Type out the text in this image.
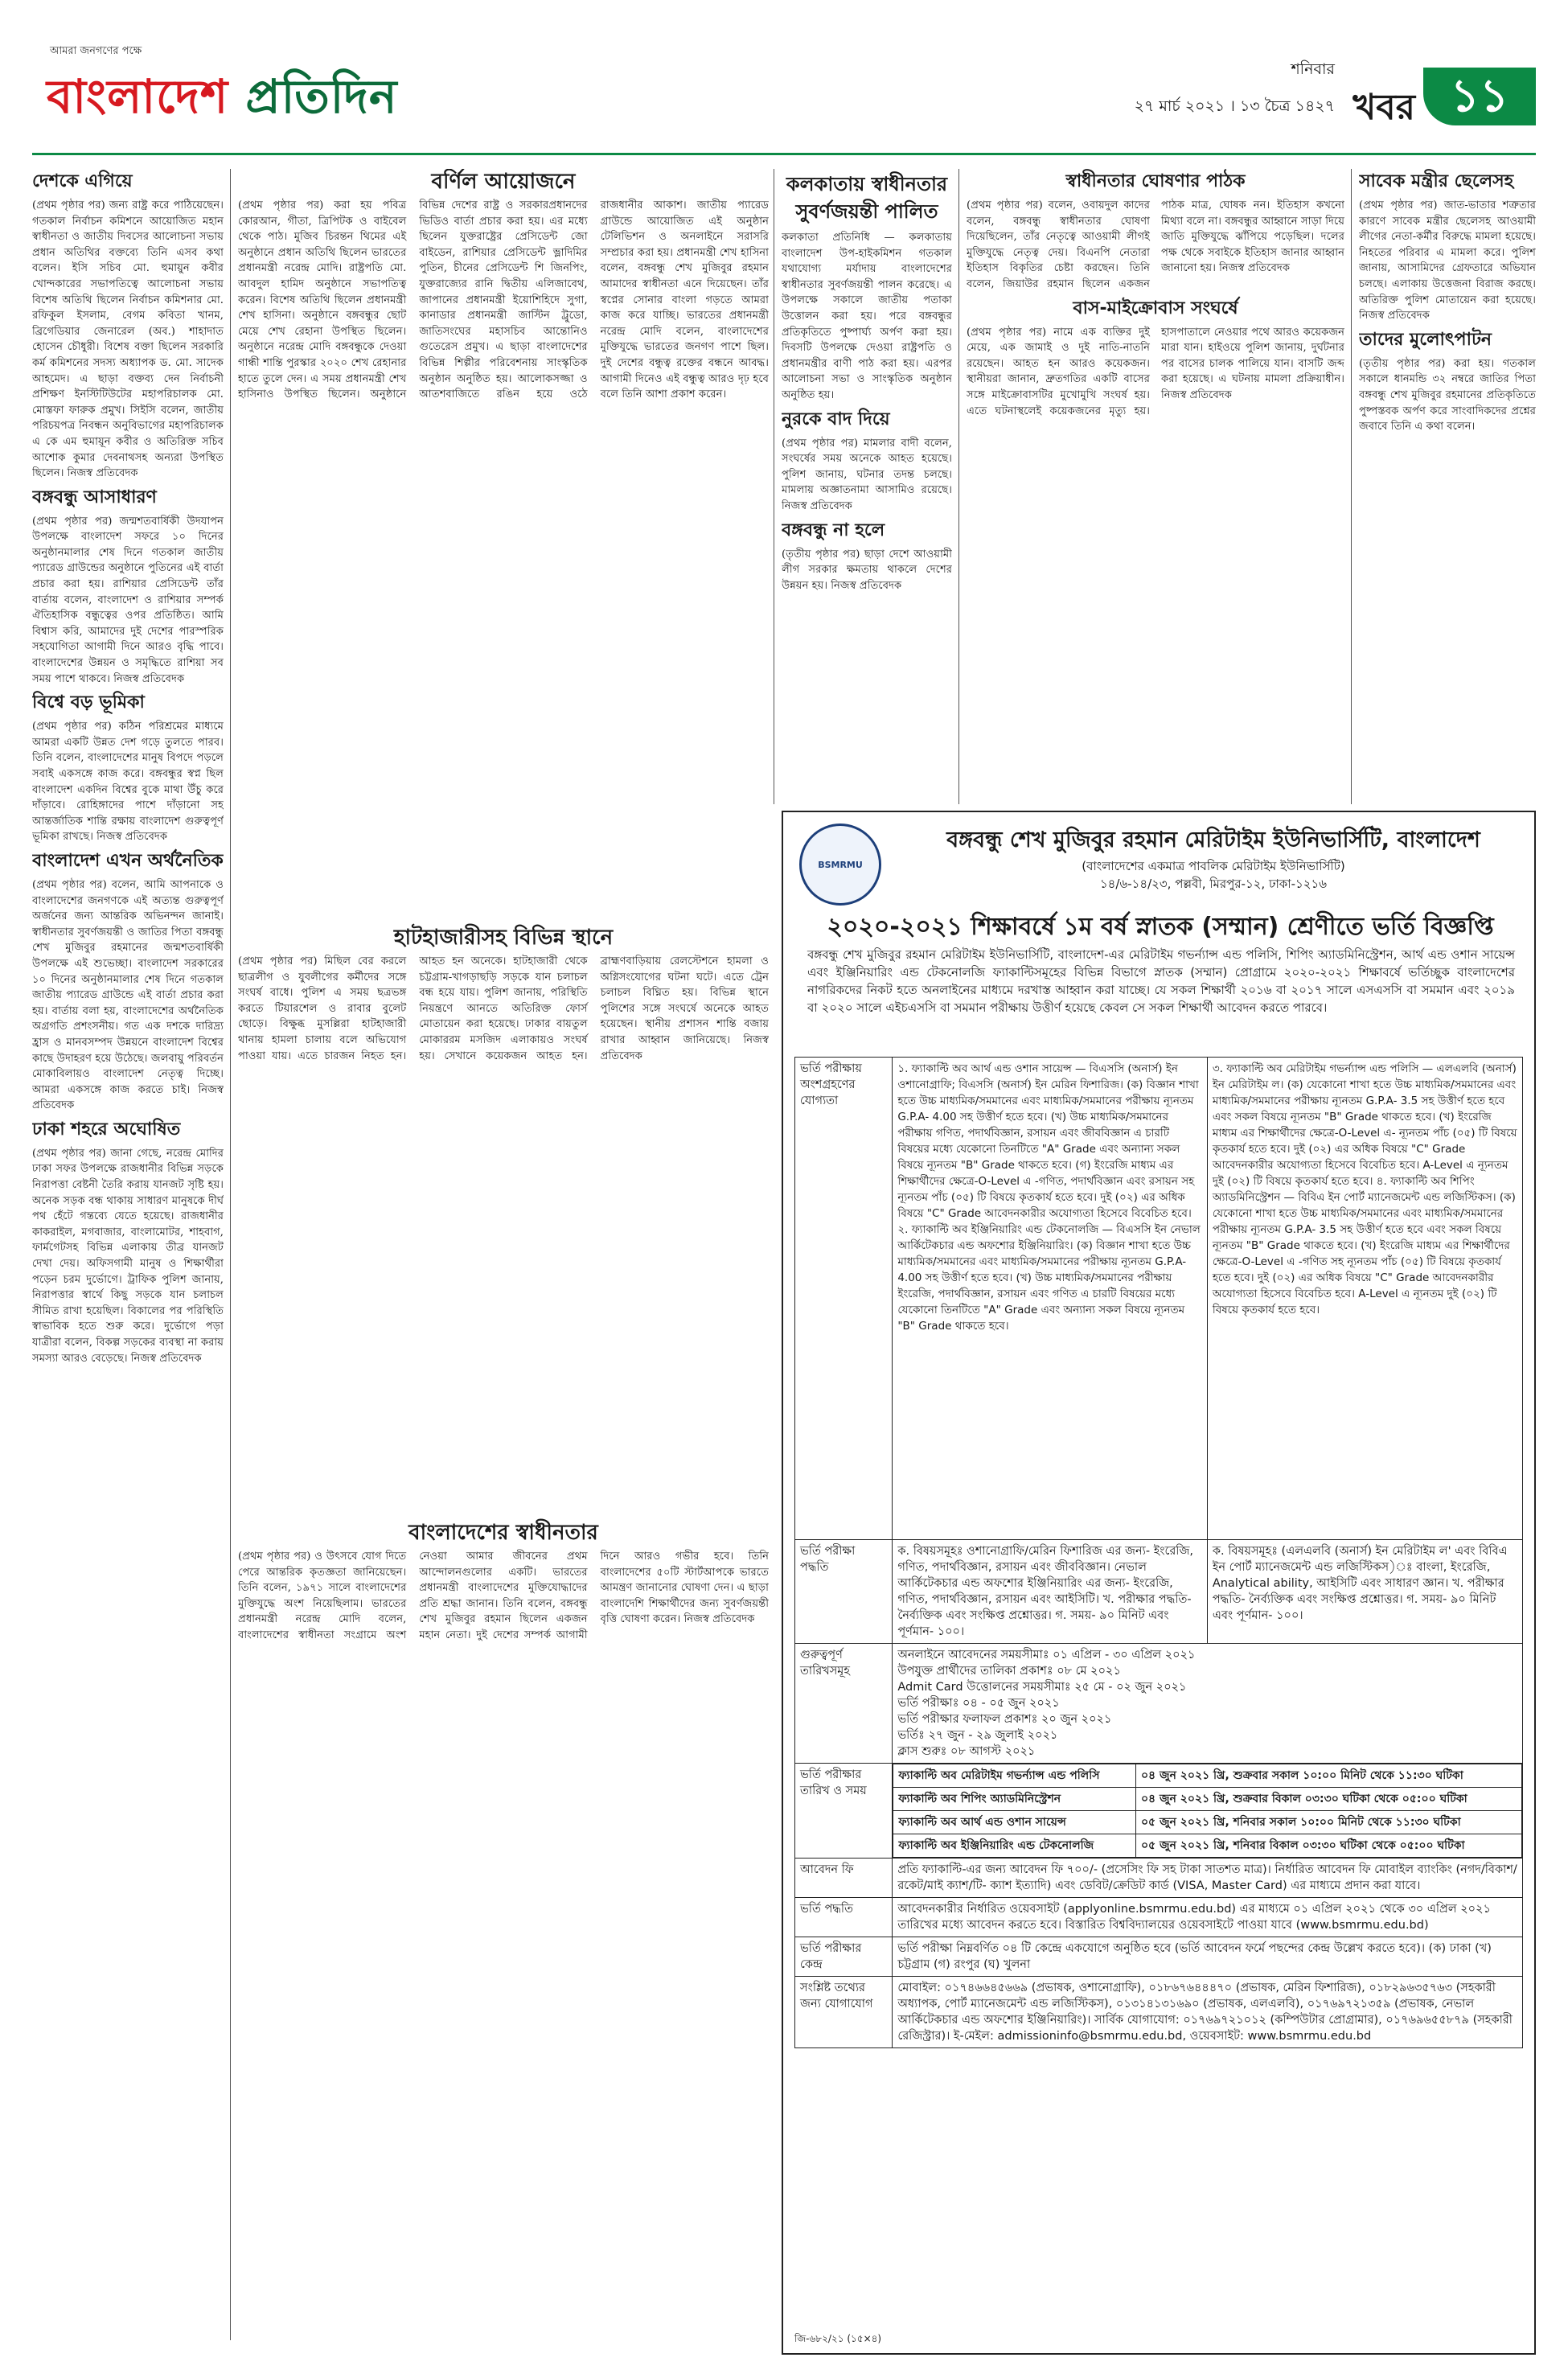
আমরা জনগণের পক্ষে
বাংলাদেশ প্রতিদিন	শনিবার
২৭ মার্চ ২০২১ । ১৩ চৈত্র ১৪২৭ খবর ১১
দেশকে এগিয়ে

(প্রথম পৃষ্ঠার পর) জন্য রাষ্ট্র করে পাঠিয়েছেন। গতকাল নির্বাচন কমিশনে আয়োজিত মহান স্বাধীনতা ও জাতীয় দিবসের আলোচনা সভায় প্রধান অতিথির বক্তব্যে তিনি এসব কথা বলেন। ইসি সচিব মো. হুমায়ুন কবীর খোন্দকারের সভাপতিত্বে আলোচনা সভায় বিশেষ অতিথি ছিলেন নির্বাচন কমিশনার মো. রফিকুল ইসলাম, বেগম কবিতা খানম, ব্রিগেডিয়ার জেনারেল (অব.) শাহাদাত হোসেন চৌধুরী। বিশেষ বক্তা ছিলেন সরকারি কর্ম কমিশনের সদস্য অধ্যাপক ড. মো. সাদেক আহমেদ। এ ছাড়া বক্তব্য দেন নির্বাচনী প্রশিক্ষণ ইনস্টিটিউটের মহাপরিচালক মো. মোস্তফা ফারুক প্রমুখ। সিইসি বলেন, জাতীয় পরিচয়পত্র নিবন্ধন অনুবিভাগের মহাপরিচালক এ কে এম হুমায়ূন কবীর ও অতিরিক্ত সচিব আশোক কুমার দেবনাথসহ অন্যরা উপস্থিত ছিলেন। নিজস্ব প্রতিবেদক

বঙ্গবন্ধু আসাধারণ

(প্রথম পৃষ্ঠার পর) জন্মশতবার্ষিকী উদযাপন উপলক্ষে বাংলাদেশ সফরে ১০ দিনের অনুষ্ঠানমালার শেষ দিনে গতকাল জাতীয় প্যারেড গ্রাউন্ডের অনুষ্ঠানে পুতিনের এই বার্তা প্রচার করা হয়। রাশিয়ার প্রেসিডেন্ট তাঁর বার্তায় বলেন, বাংলাদেশ ও রাশিয়ার সম্পর্ক ঐতিহাসিক বন্ধুত্বের ওপর প্রতিষ্ঠিত। আমি বিশ্বাস করি, আমাদের দুই দেশের পারস্পরিক সহযোগিতা আগামী দিনে আরও বৃদ্ধি পাবে। বাংলাদেশের উন্নয়ন ও সমৃদ্ধিতে রাশিয়া সব সময় পাশে থাকবে। নিজস্ব প্রতিবেদক

বিশ্বে বড় ভূমিকা

(প্রথম পৃষ্ঠার পর) কঠিন পরিশ্রমের মাধ্যমে আমরা একটি উন্নত দেশ গড়ে তুলতে পারব। তিনি বলেন, বাংলাদেশের মানুষ বিপদে পড়লে সবাই একসঙ্গে কাজ করে। বঙ্গবন্ধুর স্বপ্ন ছিল বাংলাদেশ একদিন বিশ্বের বুকে মাথা উঁচু করে দাঁড়াবে। রোহিঙ্গাদের পাশে দাঁড়ানো সহ আন্তর্জাতিক শান্তি রক্ষায় বাংলাদেশ গুরুত্বপূর্ণ ভূমিকা রাখছে। নিজস্ব প্রতিবেদক

বাংলাদেশ এখন অর্থনৈতিক

(প্রথম পৃষ্ঠার পর) বলেন, আমি আপনাকে ও বাংলাদেশের জনগণকে এই অত্যন্ত গুরুত্বপূর্ণ অর্জনের জন্য আন্তরিক অভিনন্দন জানাই। স্বাধীনতার সুবর্ণজয়ন্তী ও জাতির পিতা বঙ্গবন্ধু শেখ মুজিবুর রহমানের জন্মশতবার্ষিকী উপলক্ষে এই শুভেচ্ছা। বাংলাদেশ সরকারের ১০ দিনের অনুষ্ঠানমালার শেষ দিনে গতকাল জাতীয় প্যারেড গ্রাউন্ডে এই বার্তা প্রচার করা হয়। বার্তায় বলা হয়, বাংলাদেশের অর্থনৈতিক অগ্রগতি প্রশংসনীয়। গত এক দশকে দারিদ্র্য হ্রাস ও মানবসম্পদ উন্নয়নে বাংলাদেশ বিশ্বের কাছে উদাহরণ হয়ে উঠেছে। জলবায়ু পরিবর্তন মোকাবিলায়ও বাংলাদেশ নেতৃত্ব দিচ্ছে। আমরা একসঙ্গে কাজ করতে চাই। নিজস্ব প্রতিবেদক

ঢাকা শহরে অঘোষিত

(প্রথম পৃষ্ঠার পর) জানা গেছে, নরেন্দ্র মোদির ঢাকা সফর উপলক্ষে রাজধানীর বিভিন্ন সড়কে নিরাপত্তা বেষ্টনী তৈরি করায় যানজট সৃষ্টি হয়। অনেক সড়ক বন্ধ থাকায় সাধারণ মানুষকে দীর্ঘ পথ হেঁটে গন্তব্যে যেতে হয়েছে। রাজধানীর কাকরাইল, মগবাজার, বাংলামোটর, শাহবাগ, ফার্মগেটসহ বিভিন্ন এলাকায় তীব্র যানজট দেখা দেয়। অফিসগামী মানুষ ও শিক্ষার্থীরা পড়েন চরম দুর্ভোগে। ট্রাফিক পুলিশ জানায়, নিরাপত্তার স্বার্থে কিছু সড়কে যান চলাচল সীমিত রাখা হয়েছিল। বিকালের পর পরিস্থিতি স্বাভাবিক হতে শুরু করে। দুর্ভোগে পড়া যাত্রীরা বলেন, বিকল্প সড়কের ব্যবস্থা না করায় সমস্যা আরও বেড়েছে। নিজস্ব প্রতিবেদক

বর্ণিল আয়োজনে

(প্রথম পৃষ্ঠার পর) করা হয় পবিত্র কোরআন, গীতা, ত্রিপিটক ও বাইবেল থেকে পাঠ। মুজিব চিরন্তন থিমের এই অনুষ্ঠানে প্রধান অতিথি ছিলেন ভারতের প্রধানমন্ত্রী নরেন্দ্র মোদি। রাষ্ট্রপতি মো. আবদুল হামিদ অনুষ্ঠানে সভাপতিত্ব করেন। বিশেষ অতিথি ছিলেন প্রধানমন্ত্রী শেখ হাসিনা। অনুষ্ঠানে বঙ্গবন্ধুর ছোট মেয়ে শেখ রেহানা উপস্থিত ছিলেন। অনুষ্ঠানে নরেন্দ্র মোদি বঙ্গবন্ধুকে দেওয়া গান্ধী শান্তি পুরস্কার ২০২০ শেখ রেহানার হাতে তুলে দেন। এ সময় প্রধানমন্ত্রী শেখ হাসিনাও উপস্থিত ছিলেন। অনুষ্ঠানে বিভিন্ন দেশের রাষ্ট্র ও সরকারপ্রধানদের ভিডিও বার্তা প্রচার করা হয়। এর মধ্যে ছিলেন যুক্তরাষ্ট্রের প্রেসিডেন্ট জো বাইডেন, রাশিয়ার প্রেসিডেন্ট ভ্লাদিমির পুতিন, চীনের প্রেসিডেন্ট শি জিনপিং, যুক্তরাজ্যের রানি দ্বিতীয় এলিজাবেথ, জাপানের প্রধানমন্ত্রী ইয়োশিহিদে সুগা, কানাডার প্রধানমন্ত্রী জাস্টিন ট্রুডো, জাতিসংঘের মহাসচিব আন্তোনিও গুতেরেস প্রমুখ। এ ছাড়া বাংলাদেশের বিভিন্ন শিল্পীর পরিবেশনায় সাংস্কৃতিক অনুষ্ঠান অনুষ্ঠিত হয়। আলোকসজ্জা ও আতশবাজিতে রঙিন হয়ে ওঠে রাজধানীর আকাশ। জাতীয় প্যারেড গ্রাউন্ডে আয়োজিত এই অনুষ্ঠান টেলিভিশন ও অনলাইনে সরাসরি সম্প্রচার করা হয়। প্রধানমন্ত্রী শেখ হাসিনা বলেন, বঙ্গবন্ধু শেখ মুজিবুর রহমান আমাদের স্বাধীনতা এনে দিয়েছেন। তাঁর স্বপ্নের সোনার বাংলা গড়তে আমরা কাজ করে যাচ্ছি। ভারতের প্রধানমন্ত্রী নরেন্দ্র মোদি বলেন, বাংলাদেশের মুক্তিযুদ্ধে ভারতের জনগণ পাশে ছিল। দুই দেশের বন্ধুত্ব রক্তের বন্ধনে আবদ্ধ। আগামী দিনেও এই বন্ধুত্ব আরও দৃঢ় হবে বলে তিনি আশা প্রকাশ করেন।

হাটহাজারীসহ বিভিন্ন স্থানে

(প্রথম পৃষ্ঠার পর) মিছিল বের করলে ছাত্রলীগ ও যুবলীগের কর্মীদের সঙ্গে সংঘর্ষ বাধে। পুলিশ এ সময় ছত্রভঙ্গ করতে টিয়ারশেল ও রাবার বুলেট ছোড়ে। বিক্ষুব্ধ মুসল্লিরা হাটহাজারী থানায় হামলা চালায় বলে অভিযোগ পাওয়া যায়। এতে চারজন নিহত হন। আহত হন অনেকে। হাটহাজারী থেকে চট্টগ্রাম-খাগড়াছড়ি সড়কে যান চলাচল বন্ধ হয়ে যায়। পুলিশ জানায়, পরিস্থিতি নিয়ন্ত্রণে আনতে অতিরিক্ত ফোর্স মোতায়েন করা হয়েছে। ঢাকার বায়তুল মোকাররম মসজিদ এলাকায়ও সংঘর্ষ হয়। সেখানে কয়েকজন আহত হন। ব্রাহ্মণবাড়িয়ায় রেলস্টেশনে হামলা ও অগ্নিসংযোগের ঘটনা ঘটে। এতে ট্রেন চলাচল বিঘ্নিত হয়। বিভিন্ন স্থানে পুলিশের সঙ্গে সংঘর্ষে অনেকে আহত হয়েছেন। স্থানীয় প্রশাসন শান্তি বজায় রাখার আহ্বান জানিয়েছে। নিজস্ব প্রতিবেদক

বাংলাদেশের স্বাধীনতার

(প্রথম পৃষ্ঠার পর) ও উৎসবে যোগ দিতে পেরে আন্তরিক কৃতজ্ঞতা জানিয়েছেন। তিনি বলেন, ১৯৭১ সালে বাংলাদেশের মুক্তিযুদ্ধে অংশ নিয়েছিলাম। ভারতের প্রধানমন্ত্রী নরেন্দ্র মোদি বলেন, বাংলাদেশের স্বাধীনতা সংগ্রামে অংশ নেওয়া আমার জীবনের প্রথম আন্দোলনগুলোর একটি। ভারতের প্রধানমন্ত্রী বাংলাদেশের মুক্তিযোদ্ধাদের প্রতি শ্রদ্ধা জানান। তিনি বলেন, বঙ্গবন্ধু শেখ মুজিবুর রহমান ছিলেন একজন মহান নেতা। দুই দেশের সম্পর্ক আগামী দিনে আরও গভীর হবে। তিনি বাংলাদেশের ৫০টি স্টার্টআপকে ভারতে আমন্ত্রণ জানানোর ঘোষণা দেন। এ ছাড়া বাংলাদেশি শিক্ষার্থীদের জন্য সুবর্ণজয়ন্তী বৃত্তি ঘোষণা করেন। নিজস্ব প্রতিবেদক

কলকাতায় স্বাধীনতার সুবর্ণজয়ন্তী পালিত

কলকাতা প্রতিনিধি — কলকাতায় বাংলাদেশ উপ-হাইকমিশন গতকাল যথাযোগ্য মর্যাদায় বাংলাদেশের স্বাধীনতার সুবর্ণজয়ন্তী পালন করেছে। এ উপলক্ষে সকালে জাতীয় পতাকা উত্তোলন করা হয়। পরে বঙ্গবন্ধুর প্রতিকৃতিতে পুষ্পার্ঘ্য অর্পণ করা হয়। দিবসটি উপলক্ষে দেওয়া রাষ্ট্রপতি ও প্রধানমন্ত্রীর বাণী পাঠ করা হয়। এরপর আলোচনা সভা ও সাংস্কৃতিক অনুষ্ঠান অনুষ্ঠিত হয়।

নুরকে বাদ দিয়ে

(প্রথম পৃষ্ঠার পর) মামলার বাদী বলেন, সংঘর্ষের সময় অনেকে আহত হয়েছে। পুলিশ জানায়, ঘটনার তদন্ত চলছে। মামলায় অজ্ঞাতনামা আসামিও রয়েছে। নিজস্ব প্রতিবেদক

বঙ্গবন্ধু না হলে

(তৃতীয় পৃষ্ঠার পর) ছাড়া দেশে আওয়ামী লীগ সরকার ক্ষমতায় থাকলে দেশের উন্নয়ন হয়। নিজস্ব প্রতিবেদক

স্বাধীনতার ঘোষণার পাঠক

(প্রথম পৃষ্ঠার পর) বলেন, ওবায়দুল কাদের বলেন, বঙ্গবন্ধু স্বাধীনতার ঘোষণা দিয়েছিলেন, তাঁর নেতৃত্বে আওয়ামী লীগই মুক্তিযুদ্ধে নেতৃত্ব দেয়। বিএনপি নেতারা ইতিহাস বিকৃতির চেষ্টা করছেন। তিনি বলেন, জিয়াউর রহমান ছিলেন একজন পাঠক মাত্র, ঘোষক নন। ইতিহাস কখনো মিথ্যা বলে না। বঙ্গবন্ধুর আহ্বানে সাড়া দিয়ে জাতি মুক্তিযুদ্ধে ঝাঁপিয়ে পড়েছিল। দলের পক্ষ থেকে সবাইকে ইতিহাস জানার আহ্বান জানানো হয়। নিজস্ব প্রতিবেদক

বাস-মাইক্রোবাস সংঘর্ষে

(প্রথম পৃষ্ঠার পর) নামে এক ব্যক্তির দুই মেয়ে, এক জামাই ও দুই নাতি-নাতনি রয়েছেন। আহত হন আরও কয়েকজন। স্থানীয়রা জানান, দ্রুতগতির একটি বাসের সঙ্গে মাইক্রোবাসটির মুখোমুখি সংঘর্ষ হয়। এতে ঘটনাস্থলেই কয়েকজনের মৃত্যু হয়। হাসপাতালে নেওয়ার পথে আরও কয়েকজন মারা যান। হাইওয়ে পুলিশ জানায়, দুর্ঘটনার পর বাসের চালক পালিয়ে যান। বাসটি জব্দ করা হয়েছে। এ ঘটনায় মামলা প্রক্রিয়াধীন। নিজস্ব প্রতিবেদক

সাবেক মন্ত্রীর ছেলেসহ

(প্রথম পৃষ্ঠার পর) জাত-ভাতার শত্রুতার কারণে সাবেক মন্ত্রীর ছেলেসহ আওয়ামী লীগের নেতা-কর্মীর বিরুদ্ধে মামলা হয়েছে। নিহতের পরিবার এ মামলা করে। পুলিশ জানায়, আসামিদের গ্রেফতারে অভিযান চলছে। এলাকায় উত্তেজনা বিরাজ করছে। অতিরিক্ত পুলিশ মোতায়েন করা হয়েছে। নিজস্ব প্রতিবেদক

তাদের মুলোৎপাটন

(তৃতীয় পৃষ্ঠার পর) করা হয়। গতকাল সকালে ধানমন্ডি ৩২ নম্বরে জাতির পিতা বঙ্গবন্ধু শেখ মুজিবুর রহমানের প্রতিকৃতিতে পুষ্পস্তবক অর্পণ করে সাংবাদিকদের প্রশ্নের জবাবে তিনি এ কথা বলেন।

BSMRMU
বঙ্গবন্ধু শেখ মুজিবুর রহমান মেরিটাইম ইউনিভার্সিটি, বাংলাদেশ
(বাংলাদেশের একমাত্র পাবলিক মেরিটাইম ইউনিভার্সিটি)
১৪/৬-১৪/২৩, পল্লবী, মিরপুর-১২, ঢাকা-১২১৬
২০২০-২০২১ শিক্ষাবর্ষে ১ম বর্ষ স্নাতক (সম্মান) শ্রেণীতে ভর্তি বিজ্ঞপ্তি
বঙ্গবন্ধু শেখ মুজিবুর রহমান মেরিটাইম ইউনিভার্সিটি, বাংলাদেশ-এর মেরিটাইম গভর্ন্যান্স এন্ড পলিসি, শিপিং অ্যাডমিনিস্ট্রেশন, আর্থ এন্ড ওশান সায়েন্স এবং ইঞ্জিনিয়ারিং এন্ড টেকনোলজি ফ্যাকাল্টিসমূহের বিভিন্ন বিভাগে স্নাতক (সম্মান) প্রোগ্রামে ২০২০-২০২১ শিক্ষাবর্ষে ভর্তিচ্ছুক বাংলাদেশের নাগরিকদের নিকট হতে অনলাইনের মাধ্যমে দরখাস্ত আহ্বান করা যাচ্ছে। যে সকল শিক্ষার্থী ২০১৬ বা ২০১৭ সালে এসএসসি বা সমমান এবং ২০১৯ বা ২০২০ সালে এইচএসসি বা সমমান পরীক্ষায় উত্তীর্ণ হয়েছে কেবল সে সকল শিক্ষার্থী আবেদন করতে পারবে।
ভর্তি পরীক্ষায় অংশগ্রহণের যোগ্যতা	১. ফ্যাকাল্টি অব আর্থ এন্ড ওশান সায়েন্স — বিএসসি (অনার্স) ইন ওশানোগ্রাফি; বিএসসি (অনার্স) ইন মেরিন ফিশারিজ। (ক) বিজ্ঞান শাখা হতে উচ্চ মাধ্যমিক/সমমানের এবং মাধ্যমিক/সমমানের পরীক্ষায় ন্যূনতম G.P.A- 4.00 সহ উত্তীর্ণ হতে হবে। (খ) উচ্চ মাধ্যমিক/সমমানের পরীক্ষায় গণিত, পদার্থবিজ্ঞান, রসায়ন এবং জীববিজ্ঞান এ চারটি বিষয়ের মধ্যে যেকোনো তিনটিতে "A" Grade এবং অন্যান্য সকল বিষয়ে ন্যূনতম "B" Grade থাকতে হবে। (গ) ইংরেজি মাধ্যম এর শিক্ষার্থীদের ক্ষেত্রে-O-Level এ -গণিত, পদার্থবিজ্ঞান এবং রসায়ন সহ ন্যূনতম পাঁচ (০৫) টি বিষয়ে কৃতকার্য হতে হবে। দুই (০২) এর অধিক বিষয়ে "C" Grade আবেদনকারীর অযোগ্যতা হিসেবে বিবেচিত হবে। ২. ফ্যাকাল্টি অব ইঞ্জিনিয়ারিং এন্ড টেকনোলজি — বিএসসি ইন নেভাল আর্কিটেকচার এন্ড অফশোর ইঞ্জিনিয়ারিং। (ক) বিজ্ঞান শাখা হতে উচ্চ মাধ্যমিক/সমমানের এবং মাধ্যমিক/সমমানের পরীক্ষায় ন্যূনতম G.P.A- 4.00 সহ উত্তীর্ণ হতে হবে। (খ) উচ্চ মাধ্যমিক/সমমানের পরীক্ষায় ইংরেজি, পদার্থবিজ্ঞান, রসায়ন এবং গণিত এ চারটি বিষয়ের মধ্যে যেকোনো তিনটিতে "A" Grade এবং অন্যান্য সকল বিষয়ে ন্যূনতম "B" Grade থাকতে হবে।	৩. ফ্যাকাল্টি অব মেরিটাইম গভর্ন্যান্স এন্ড পলিসি — এলএলবি (অনার্স) ইন মেরিটাইম ল। (ক) যেকোনো শাখা হতে উচ্চ মাধ্যমিক/সমমানের এবং মাধ্যমিক/সমমানের পরীক্ষায় ন্যূনতম G.P.A- 3.5 সহ উত্তীর্ণ হতে হবে এবং সকল বিষয়ে ন্যূনতম "B" Grade থাকতে হবে। (খ) ইংরেজি মাধ্যম এর শিক্ষার্থীদের ক্ষেত্রে-O-Level এ- ন্যূনতম পাঁচ (০৫) টি বিষয়ে কৃতকার্য হতে হবে। দুই (০২) এর অধিক বিষয়ে "C" Grade আবেদনকারীর অযোগ্যতা হিসেবে বিবেচিত হবে। A-Level এ ন্যূনতম দুই (০২) টি বিষয়ে কৃতকার্য হতে হবে। ৪. ফ্যাকাল্টি অব শিপিং অ্যাডমিনিস্ট্রেশন — বিবিএ ইন পোর্ট ম্যানেজমেন্ট এন্ড লজিস্টিকস। (ক) যেকোনো শাখা হতে উচ্চ মাধ্যমিক/সমমানের এবং মাধ্যমিক/সমমানের পরীক্ষায় ন্যূনতম G.P.A- 3.5 সহ উত্তীর্ণ হতে হবে এবং সকল বিষয়ে ন্যূনতম "B" Grade থাকতে হবে। (খ) ইংরেজি মাধ্যম এর শিক্ষার্থীদের ক্ষেত্রে-O-Level এ -গণিত সহ ন্যূনতম পাঁচ (০৫) টি বিষয়ে কৃতকার্য হতে হবে। দুই (০২) এর অধিক বিষয়ে "C" Grade আবেদনকারীর অযোগ্যতা হিসেবে বিবেচিত হবে। A-Level এ ন্যূনতম দুই (০২) টি বিষয়ে কৃতকার্য হতে হবে।
ভর্তি পরীক্ষা পদ্ধতি	ক. বিষয়সমূহঃ ওশানোগ্রাফি/মেরিন ফিশারিজ এর জন্য- ইংরেজি, গণিত, পদার্থবিজ্ঞান, রসায়ন এবং জীববিজ্ঞান। নেভাল আর্কিটেকচার এন্ড অফশোর ইঞ্জিনিয়ারিং এর জন্য- ইংরেজি, গণিত, পদার্থবিজ্ঞান, রসায়ন এবং আইসিটি। খ. পরীক্ষার পদ্ধতি- নৈর্ব্যক্তিক এবং সংক্ষিপ্ত প্রশ্নোত্তর। গ. সময়- ৯০ মিনিট এবং পূর্ণমান- ১০০।	ক. বিষয়সমূহঃ (এলএলবি (অনার্স) ইন মেরিটাইম ল' এবং বিবিএ ইন পোর্ট ম্যানেজমেন্ট এন্ড লজিস্টিকস)ঃ বাংলা, ইংরেজি, Analytical ability, আইসিটি এবং সাধারণ জ্ঞান। খ. পরীক্ষার পদ্ধতি- নৈর্ব্যক্তিক এবং সংক্ষিপ্ত প্রশ্নোত্তর। গ. সময়- ৯০ মিনিট এবং পূর্ণমান- ১০০।
গুরুত্বপূর্ণ তারিখসমূহ	
অনলাইনে আবেদনের সময়সীমাঃ ০১ এপ্রিল - ৩০ এপ্রিল ২০২১
উপযুক্ত প্রার্থীদের তালিকা প্রকাশঃ ০৮ মে ২০২১
Admit Card উত্তোলনের সময়সীমাঃ ২৫ মে - ০২ জুন ২০২১
ভর্তি পরীক্ষাঃ ০৪ - ০৫ জুন ২০২১
ভর্তি পরীক্ষার ফলাফল প্রকাশঃ ২০ জুন ২০২১
ভর্তিঃ ২৭ জুন - ২৯ জুলাই ২০২১
ক্লাস শুরুঃ ০৮ আগস্ট ২০২১

ভর্তি পরীক্ষার তারিখ ও সময়	
ফ্যাকাল্টি অব মেরিটাইম গভর্ন্যান্স এন্ড পলিসি	০৪ জুন ২০২১ খ্রি, শুক্রবার সকাল ১০:০০ মিনিট থেকে ১১:৩০ ঘটিকা
ফ্যাকাল্টি অব শিপিং অ্যাডমিনিস্ট্রেশন	০৪ জুন ২০২১ খ্রি, শুক্রবার বিকাল ০৩:৩০ ঘটিকা থেকে ০৫:০০ ঘটিকা
ফ্যাকাল্টি অব আর্থ এন্ড ওশান সায়েন্স	০৫ জুন ২০২১ খ্রি, শনিবার সকাল ১০:০০ মিনিট থেকে ১১:৩০ ঘটিকা
ফ্যাকাল্টি অব ইঞ্জিনিয়ারিং এন্ড টেকনোলজি	০৫ জুন ২০২১ খ্রি, শনিবার বিকাল ০৩:৩০ ঘটিকা থেকে ০৫:০০ ঘটিকা

আবেদন ফি	প্রতি ফ্যাকাল্টি-এর জন্য আবেদন ফি ৭০০/- (প্রসেসিং ফি সহ টাকা সাতশত মাত্র)। নির্ধারিত আবেদন ফি মোবাইল ব্যাংকিং (নগদ/বিকাশ/রকেট/মাই ক্যাশ/টি- ক্যাশ ইত্যাদি) এবং ডেবিট/ক্রেডিট কার্ড (VISA, Master Card) এর মাধ্যমে প্রদান করা যাবে।
ভর্তি পদ্ধতি	আবেদনকারীর নির্ধারিত ওয়েবসাইট (applyonline.bsmrmu.edu.bd) এর মাধ্যমে ০১ এপ্রিল ২০২১ থেকে ৩০ এপ্রিল ২০২১ তারিখের মধ্যে আবেদন করতে হবে। বিস্তারিত বিশ্ববিদ্যালয়ের ওয়েবসাইটে পাওয়া যাবে (www.bsmrmu.edu.bd)
ভর্তি পরীক্ষার কেন্দ্র	ভর্তি পরীক্ষা নিম্নবর্ণিত ০৪ টি কেন্দ্রে একযোগে অনুষ্ঠিত হবে (ভর্তি আবেদন ফর্মে পছন্দের কেন্দ্র উল্লেখ করতে হবে)। (ক) ঢাকা (খ) চট্টগ্রাম (গ) রংপুর (ঘ) খুলনা
সংশ্লিষ্ট তথ্যের জন্য যোগাযোগ	মোবাইল: ০১৭৪৬৬৪৫৬৬৯ (প্রভাষক, ওশানোগ্রাফি), ০১৮৬৭৬৪৪৪৭০ (প্রভাষক, মেরিন ফিশারিজ), ০১৮২৯৬৩৫৭৬৩ (সহকারী অধ্যাপক, পোর্ট ম্যানেজমেন্ট এন্ড লজিস্টিকস), ০১৩১৪১৩১৬৯০ (প্রভাষক, এলএলবি), ০১৭৬৯৭২১৩৫৯ (প্রভাষক, নেভাল আর্কিটেকচার এন্ড অফশোর ইঞ্জিনিয়ারিং)। সার্বিক যোগাযোগ: ০১৭৬৯৭২১০১২ (কম্পিউটার প্রোগ্রামার), ০১৭৬৯৬৫৫৮৭৯ (সহকারী রেজিস্ট্রার)। ই-মেইল: admissioninfo@bsmrmu.edu.bd, ওয়েবসাইট: www.bsmrmu.edu.bd
জি-৬৮২/২১ (১৫×৪)
